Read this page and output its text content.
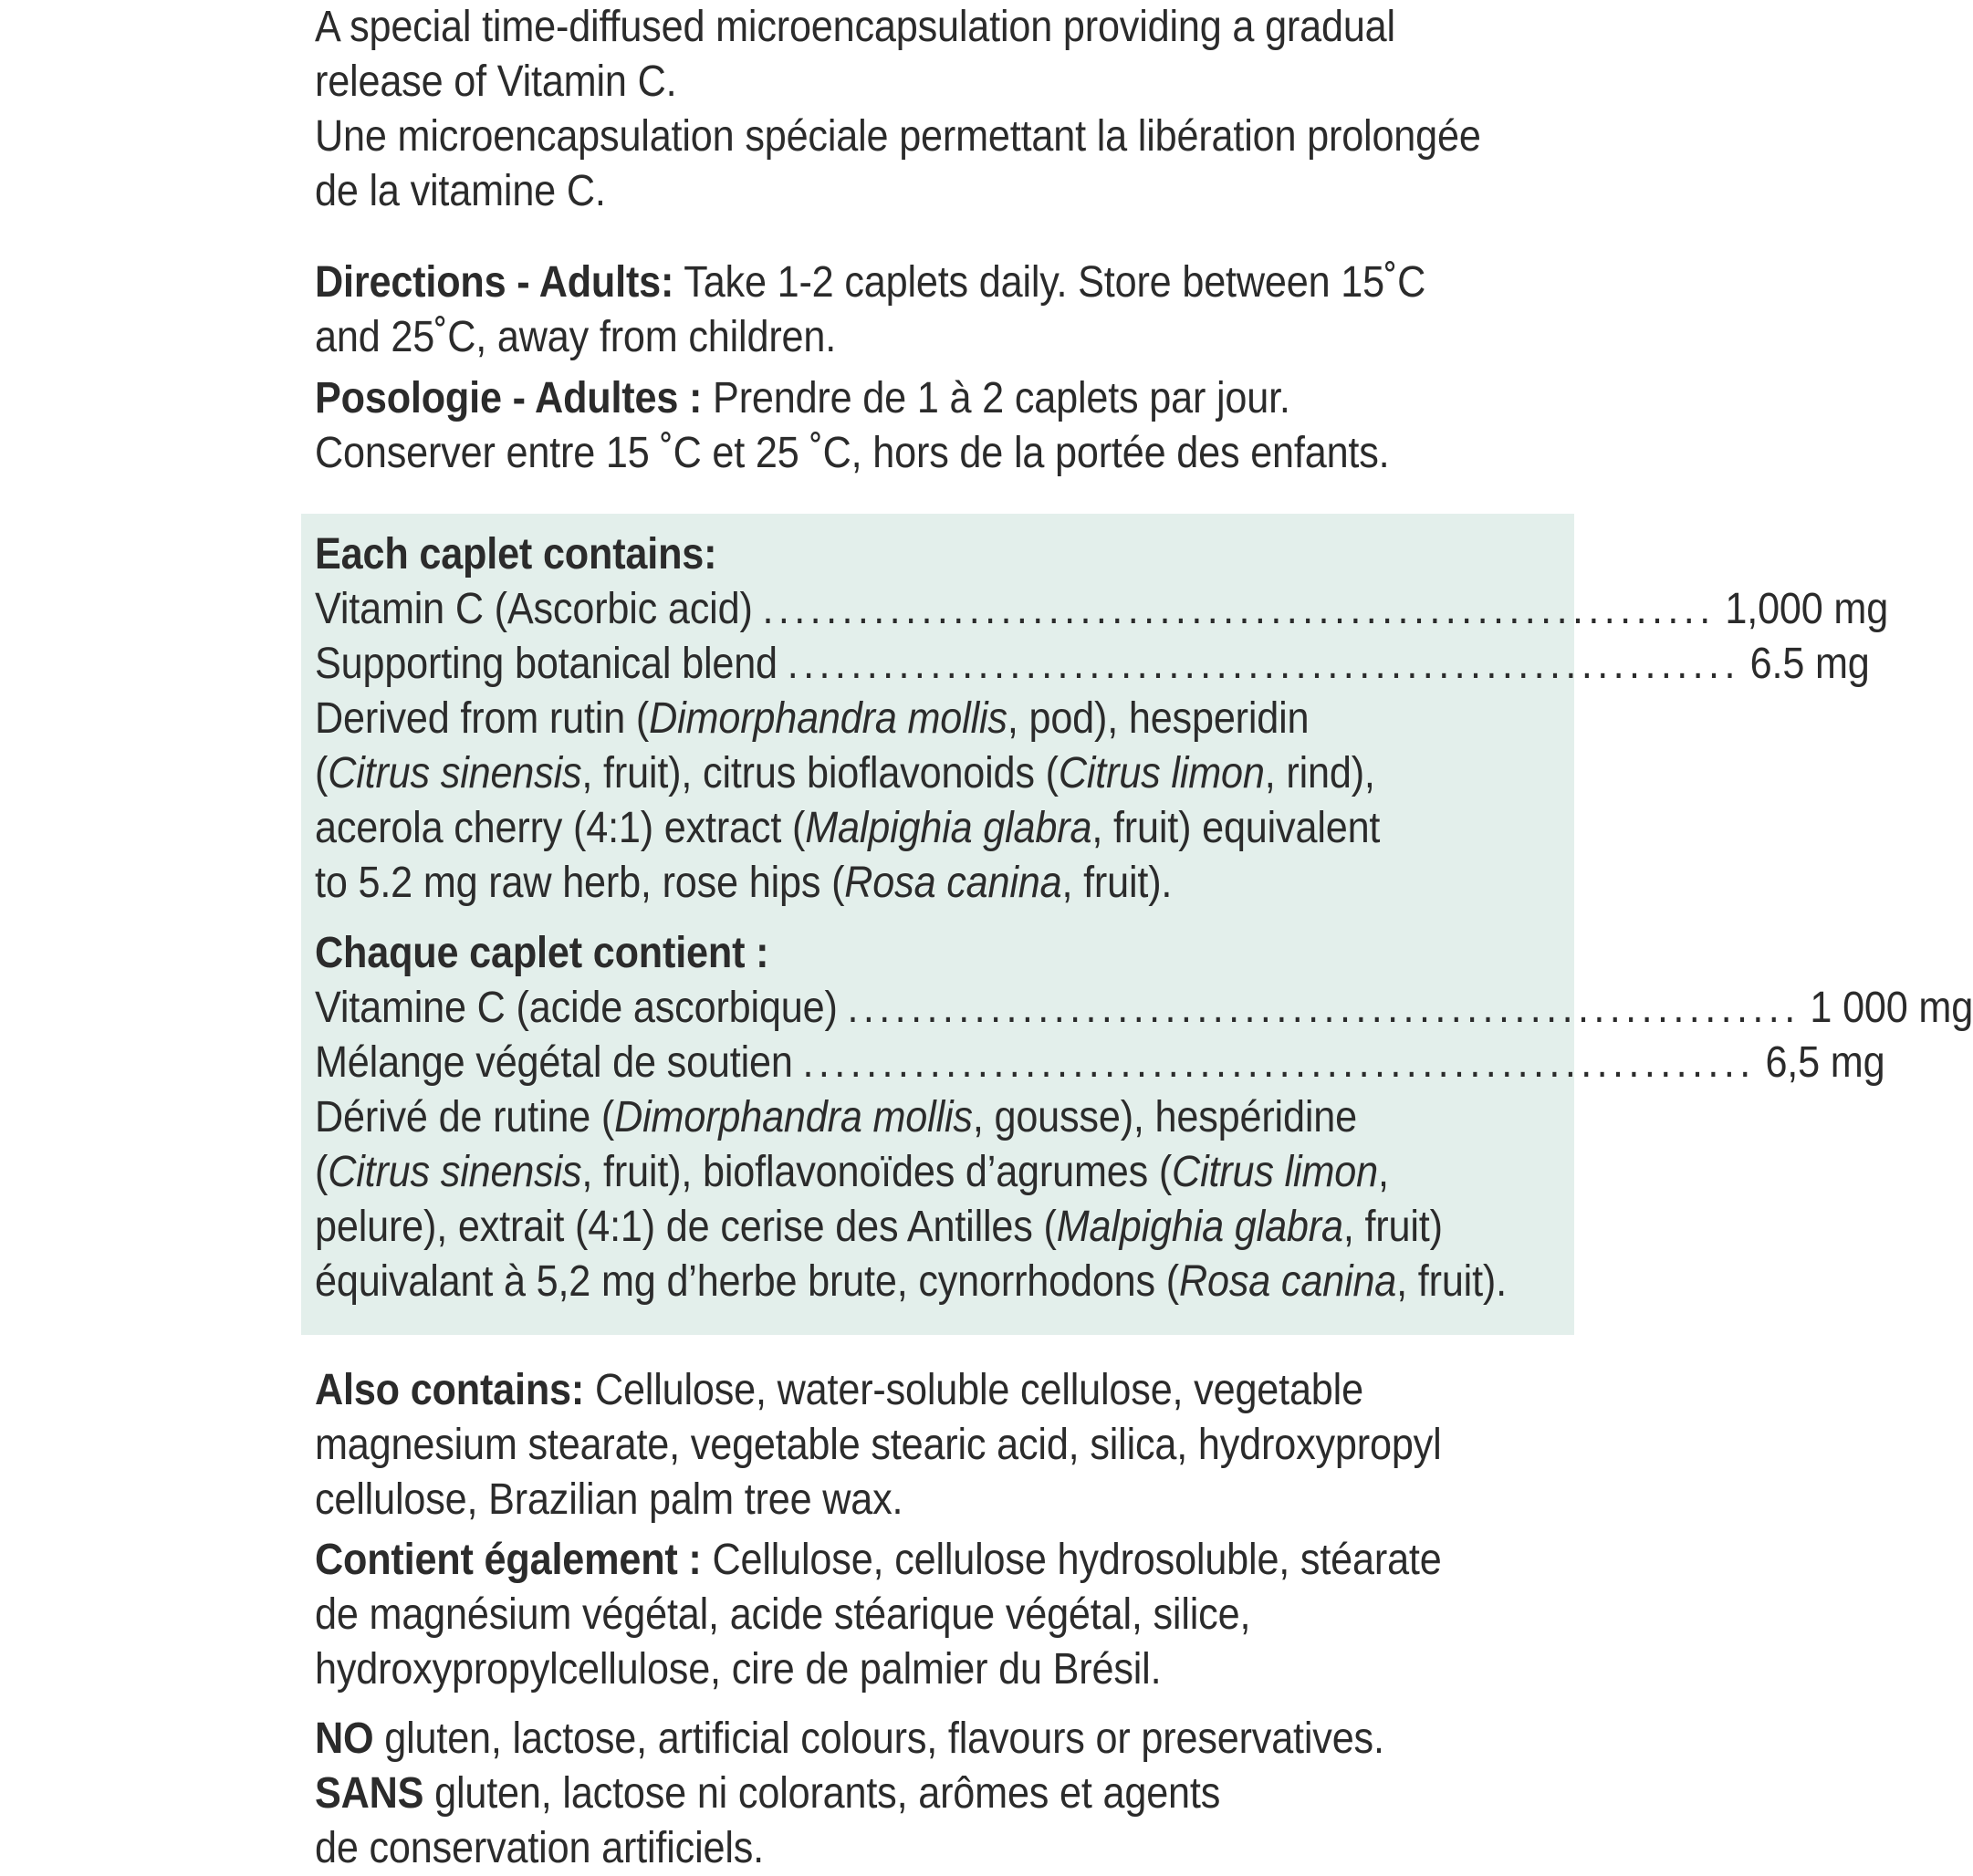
A special time-diffused microencapsulation providing a gradual
release of Vitamin C.
Une microencapsulation spéciale permettant la libération prolongée
de la vitamine C.
Directions - Adults: Take 1-2 caplets daily. Store between 15˚C
and 25˚C, away from children.
Posologie - Adultes : Prendre de 1 à 2 caplets par jour.
Conserver entre 15 ˚C et 25 ˚C, hors de la portée des enfants.
Each caplet contains:
Vitamin C (Ascorbic acid) ............................................................ 1,000 mg
Supporting botanical blend ............................................................ 6.5 mg
Derived from rutin (Dimorphandra mollis, pod), hesperidin
(Citrus sinensis, fruit), citrus bioflavonoids (Citrus limon, rind),
acerola cherry (4:1) extract (Malpighia glabra, fruit) equivalent
to 5.2 mg raw herb, rose hips (Rosa canina, fruit).
Chaque caplet contient :
Vitamine C (acide ascorbique) ............................................................ 1 000 mg
Mélange végétal de soutien ............................................................ 6,5 mg
Dérivé de rutine (Dimorphandra mollis, gousse), hespéridine
(Citrus sinensis, fruit), bioflavonoïdes d’agrumes (Citrus limon,
pelure), extrait (4:1) de cerise des Antilles (Malpighia glabra, fruit)
équivalant à 5,2 mg d’herbe brute, cynorrhodons (Rosa canina, fruit).
Also contains: Cellulose, water-soluble cellulose, vegetable
magnesium stearate, vegetable stearic acid, silica, hydroxypropyl
cellulose, Brazilian palm tree wax.
Contient également : Cellulose, cellulose hydrosoluble, stéarate
de magnésium végétal, acide stéarique végétal, silice,
hydroxypropylcellulose, cire de palmier du Brésil.
NO gluten, lactose, artificial colours, flavours or preservatives.
SANS gluten, lactose ni colorants, arômes et agents
de conservation artificiels.
